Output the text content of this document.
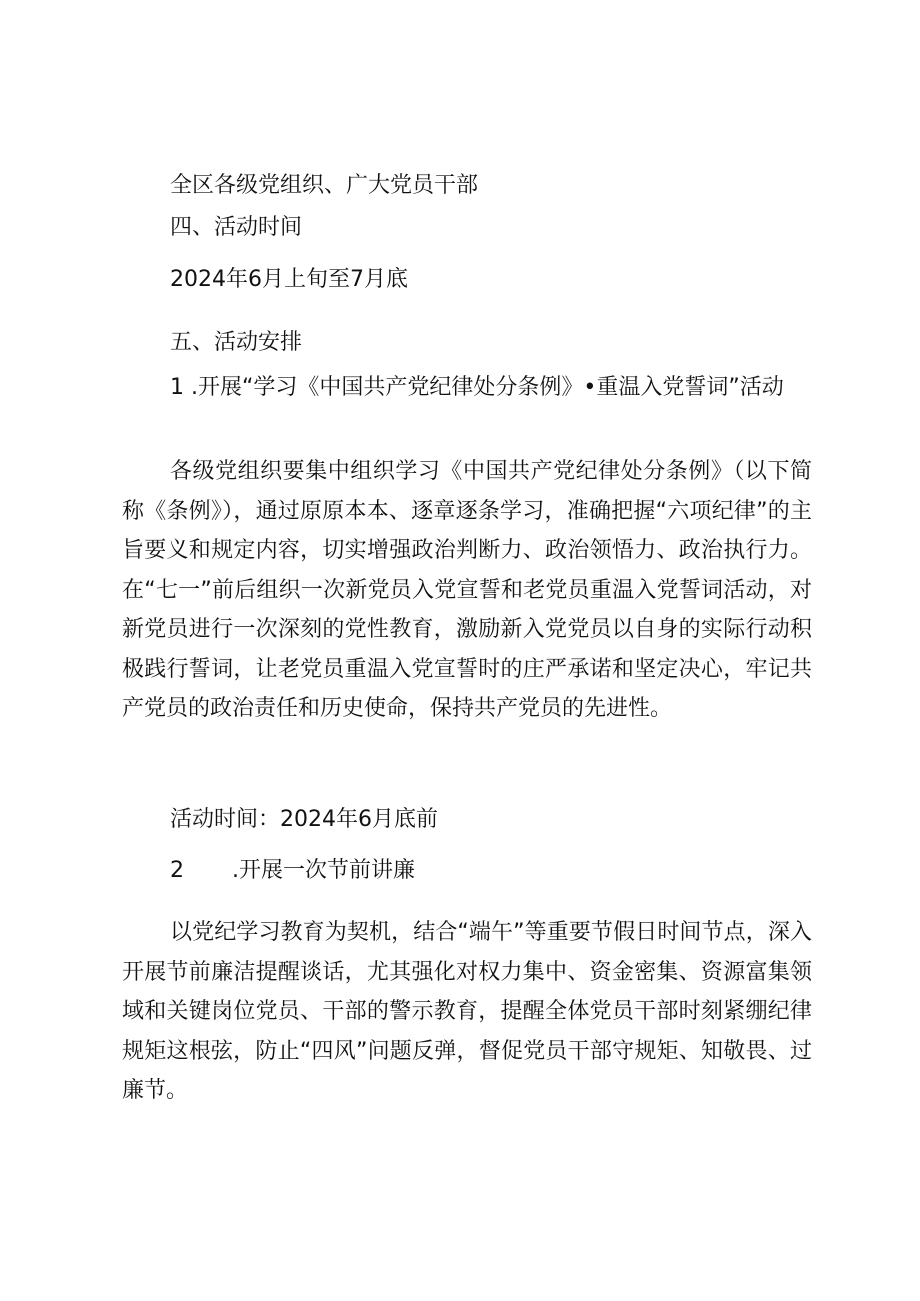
全区各级党组织、广大党员干部
四、活动时间
2024年6月上旬至7月底
五、活动安排
1 .开展“学习《中国共产党纪律处分条例》•重温入党誓词”活动
各级党组织要集中组织学习《中国共产党纪律处分条例》（以下简称《条例》），通过原原本本、逐章逐条学习，准确把握“六项纪律”的主旨要义和规定内容，切实增强政治判断力、政治领悟力、政治执行力。在“七一”前后组织一次新党员入党宣誓和老党员重温入党誓词活动，对新党员进行一次深刻的党性教育，激励新入党党员以自身的实际行动积极践行誓词，让老党员重温入党宣誓时的庄严承诺和坚定决心，牢记共产党员的政治责任和历史使命，保持共产党员的先进性。
活动时间：2024年6月底前
2 .开展一次节前讲廉
以党纪学习教育为契机，结合“端午”等重要节假日时间节点，深入开展节前廉洁提醒谈话，尤其强化对权力集中、资金密集、资源富集领域和关键岗位党员、干部的警示教育，提醒全体党员干部时刻紧绷纪律规矩这根弦，防止“四风”问题反弹，督促党员干部守规矩、知敬畏、过廉节。
